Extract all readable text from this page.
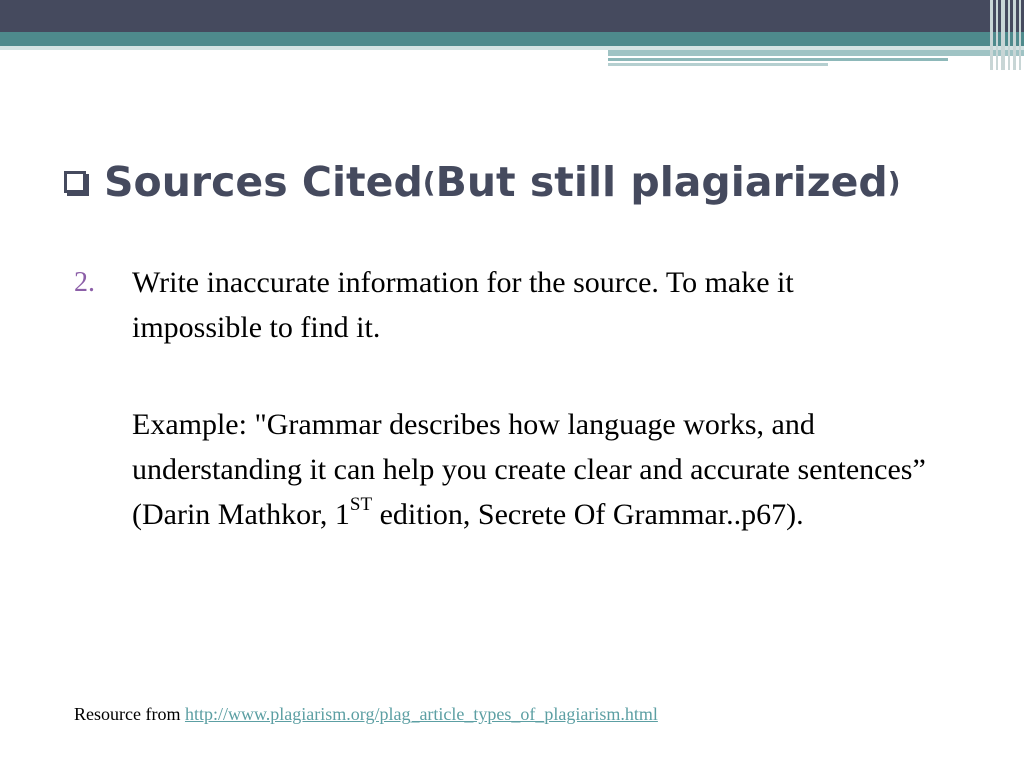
Sources Cited ( But still plagiarized )
2.	Write inaccurate information for the source. To make it impossible to find it.
Example: "Grammar describes how language works, and understanding it can help you create clear and accurate sentences” (Darin Mathkor, 1ST edition, Secrete Of Grammar..p67).
Resource from http://www.plagiarism.org/plag_article_types_of_plagiarism.html
